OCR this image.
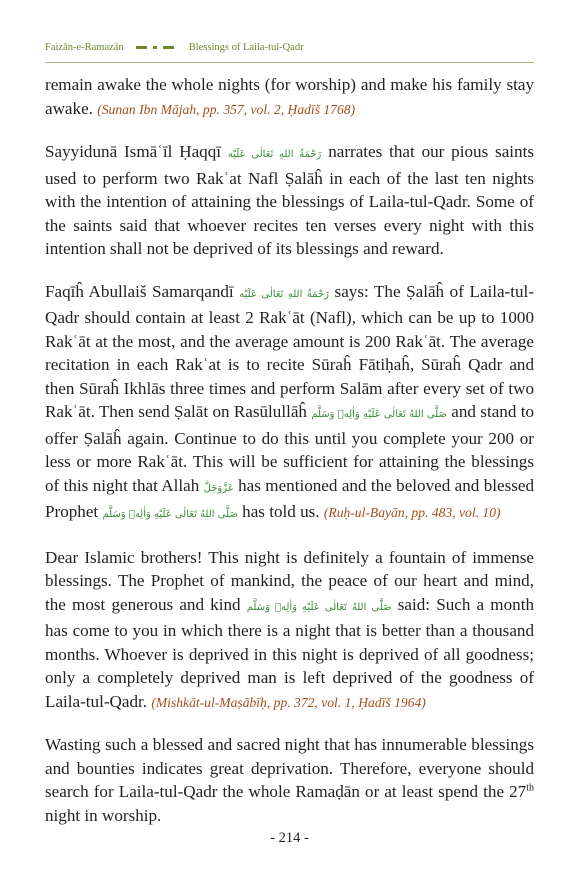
Faizān-e-Ramazān	Blessings of Laila-tul-Qadr

remain awake the whole nights (for worship) and make his family stay awake. (Sunan Ibn Mājah, pp. 357, vol. 2, Ḥadīš 1768)

Sayyidunā Ismāʿīl Ḥaqqī رَحْمَةُ اللهِ تَعَالٰى عَلَيْه narrates that our pious saints used to perform two Rakʿat Nafl Ṣalāĥ in each of the last ten nights with the intention of attaining the blessings of Laila-tul-Qadr. Some of the saints said that whoever recites ten verses every night with this intention shall not be deprived of its blessings and reward.

Faqīĥ Abullaiš Samarqandī رَحْمَةُ اللهِ تَعَالٰى عَلَيْه says: The Ṣalāĥ of Laila-tul-Qadr should contain at least 2 Rakʿāt (Nafl), which can be up to 1000 Rakʿāt at the most, and the average amount is 200 Rakʿāt. The average recitation in each Rakʿat is to recite Sūraĥ Fātiḥaĥ, Sūraĥ Qadr and then Sūraĥ Ikhlās three times and perform Salām after every set of two Rakʿāt. Then send Ṣalāt on Rasūlullāĥ صَلَّى اللهُ تَعَالٰى عَلَيْهِ وَاٰلِهٖ وَسَلَّم and stand to offer Ṣalāĥ again. Continue to do this until you complete your 200 or less or more Rakʿāt. This will be sufficient for attaining the blessings of this night that Allah عَزَّوَجَلَّ has mentioned and the beloved and blessed Prophet صَلَّى اللهُ تَعَالٰى عَلَيْهِ وَاٰلِهٖ وَسَلَّم has told us. (Ruḥ-ul-Bayān, pp. 483, vol. 10)

Dear Islamic brothers! This night is definitely a fountain of immense blessings. The Prophet of mankind, the peace of our heart and mind, the most generous and kind صَلَّى اللهُ تَعَالٰى عَلَيْهِ وَاٰلِهٖ وَسَلَّم said: Such a month has come to you in which there is a night that is better than a thousand months. Whoever is deprived in this night is deprived of all goodness; only a completely deprived man is left deprived of the goodness of Laila-tul-Qadr. (Mishkāt-ul-Maṣābīḥ, pp. 372, vol. 1, Ḥadīš 1964)

Wasting such a blessed and sacred night that has innumerable blessings and bounties indicates great deprivation. Therefore, everyone should search for Laila-tul-Qadr the whole Ramaḍān or at least spend the 27th night in worship.

- 214 -
